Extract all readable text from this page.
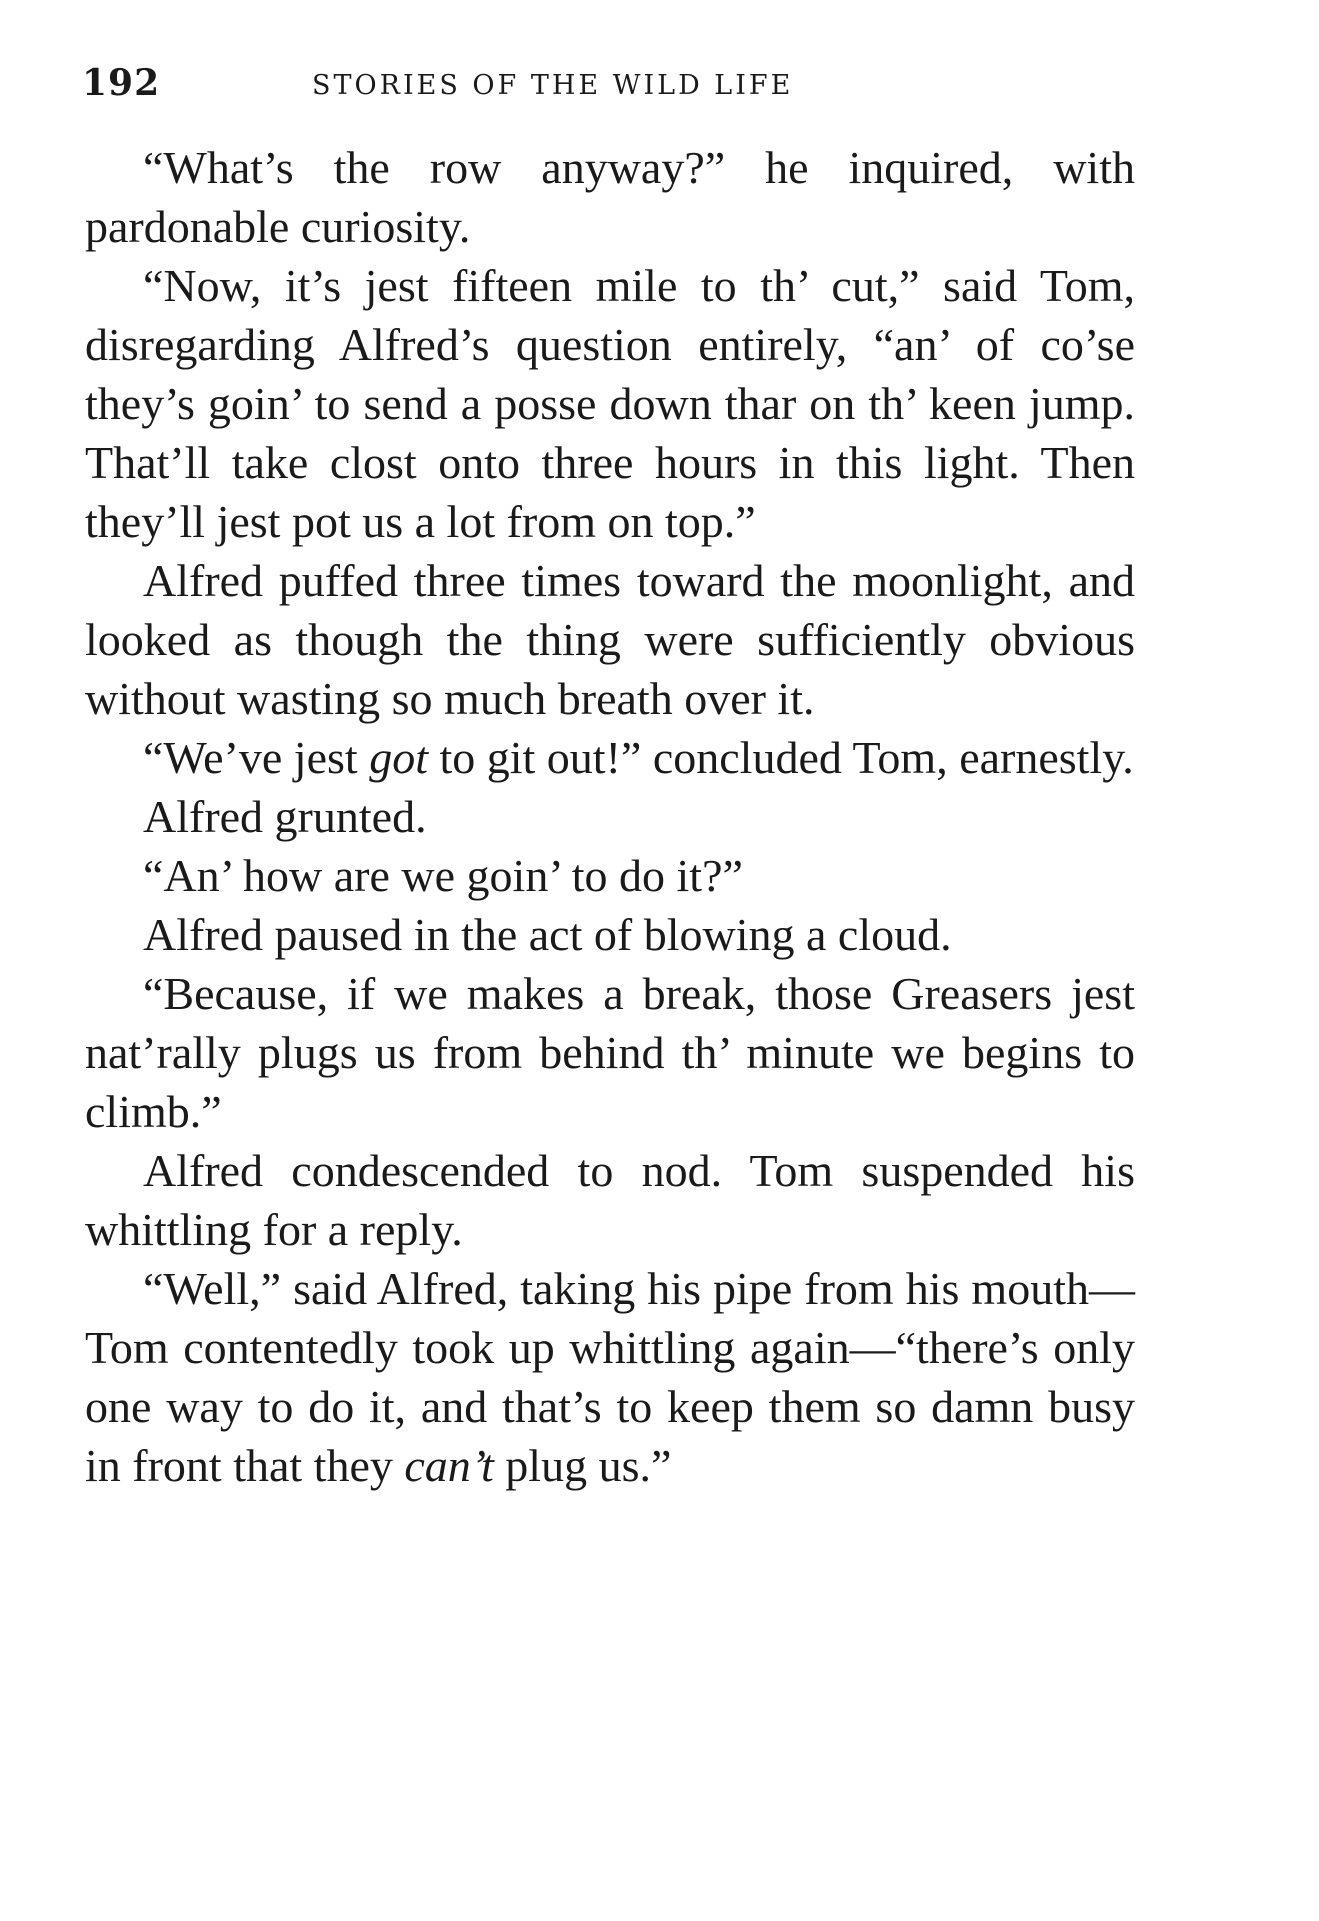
192	STORIES OF THE WILD LIFE

“What’s the row anyway?” he inquired, with pardonable curiosity.

“Now, it’s jest fifteen mile to th’ cut,” said Tom, disregarding Alfred’s question entirely, “an’ of co’se they’s goin’ to send a posse down thar on th’ keen jump. That’ll take clost onto three hours in this light. Then they’ll jest pot us a lot from on top.”

Alfred puffed three times toward the moonlight, and looked as though the thing were sufficiently obvious without wasting so much breath over it.

“We’ve jest got to git out!” concluded Tom, earnestly.

Alfred grunted.

“An’ how are we goin’ to do it?”

Alfred paused in the act of blowing a cloud.

“Because, if we makes a break, those Greasers jest nat’rally plugs us from behind th’ minute we begins to climb.”

Alfred condescended to nod. Tom suspended his whittling for a reply.

“Well,” said Alfred, taking his pipe from his mouth—Tom contentedly took up whittling again—“there’s only one way to do it, and that’s to keep them so damn busy in front that they can’t plug us.”
